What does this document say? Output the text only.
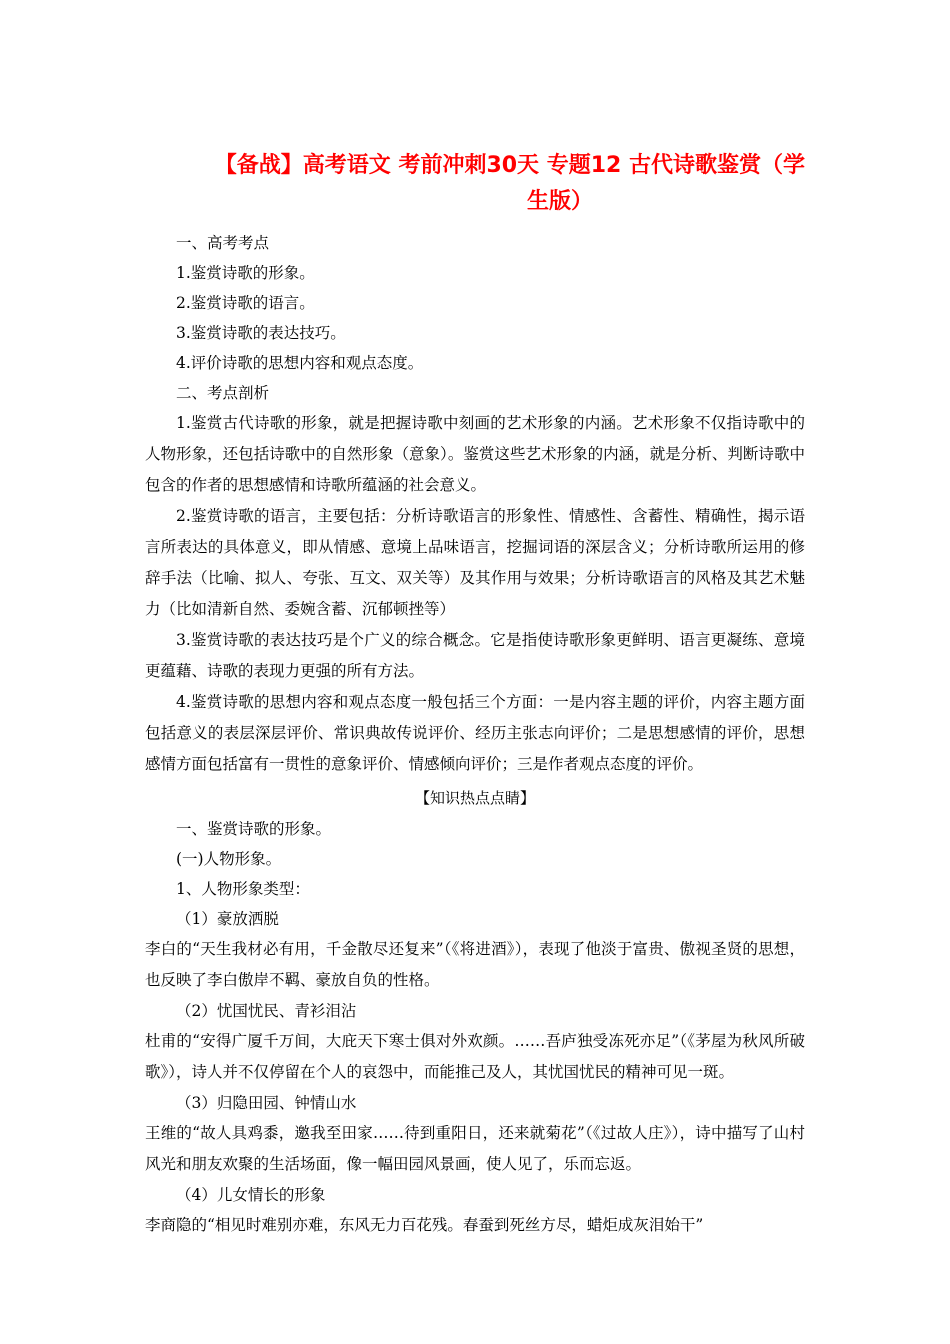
【备战】高考语文 考前冲刺30天 专题12 古代诗歌鉴赏（学
生版）

一、高考考点

1.鉴赏诗歌的形象。

2.鉴赏诗歌的语言。

3.鉴赏诗歌的表达技巧。

4.评价诗歌的思想内容和观点态度。

二、考点剖析

1.鉴赏古代诗歌的形象，就是把握诗歌中刻画的艺术形象的内涵。艺术形象不仅指诗歌中的人物形象，还包括诗歌中的自然形象（意象）。鉴赏这些艺术形象的内涵，就是分析、判断诗歌中包含的作者的思想感情和诗歌所蕴涵的社会意义。

2.鉴赏诗歌的语言，主要包括：分析诗歌语言的形象性、情感性、含蓄性、精确性，揭示语言所表达的具体意义，即从情感、意境上品味语言，挖掘词语的深层含义；分析诗歌所运用的修辞手法（比喻、拟人、夸张、互文、双关等）及其作用与效果；分析诗歌语言的风格及其艺术魅力（比如清新自然、委婉含蓄、沉郁顿挫等）

3.鉴赏诗歌的表达技巧是个广义的综合概念。它是指使诗歌形象更鲜明、语言更凝练、意境更蕴藉、诗歌的表现力更强的所有方法。

4.鉴赏诗歌的思想内容和观点态度一般包括三个方面：一是内容主题的评价，内容主题方面包括意义的表层深层评价、常识典故传说评价、经历主张志向评价；二是思想感情的评价，思想感情方面包括富有一贯性的意象评价、情感倾向评价；三是作者观点态度的评价。

【知识热点点睛】

一、鉴赏诗歌的形象。

(一)人物形象。

1、人物形象类型：

（1）豪放洒脱

李白的“天生我材必有用，千金散尽还复来”（《将进酒》），表现了他淡于富贵、傲视圣贤的思想，也反映了李白傲岸不羁、豪放自负的性格。

（2）忧国忧民、青衫泪沾

杜甫的“安得广厦千万间，大庇天下寒士俱对外欢颜。……吾庐独受冻死亦足”（《茅屋为秋风所破歌》），诗人并不仅停留在个人的哀怨中，而能推己及人，其忧国忧民的精神可见一斑。

（3）归隐田园、钟情山水

王维的“故人具鸡黍，邀我至田家……待到重阳日，还来就菊花”（《过故人庄》），诗中描写了山村风光和朋友欢聚的生活场面，像一幅田园风景画，使人见了，乐而忘返。

（4）儿女情长的形象

李商隐的“相见时难别亦难，东风无力百花残。春蚕到死丝方尽，蜡炬成灰泪始干”
